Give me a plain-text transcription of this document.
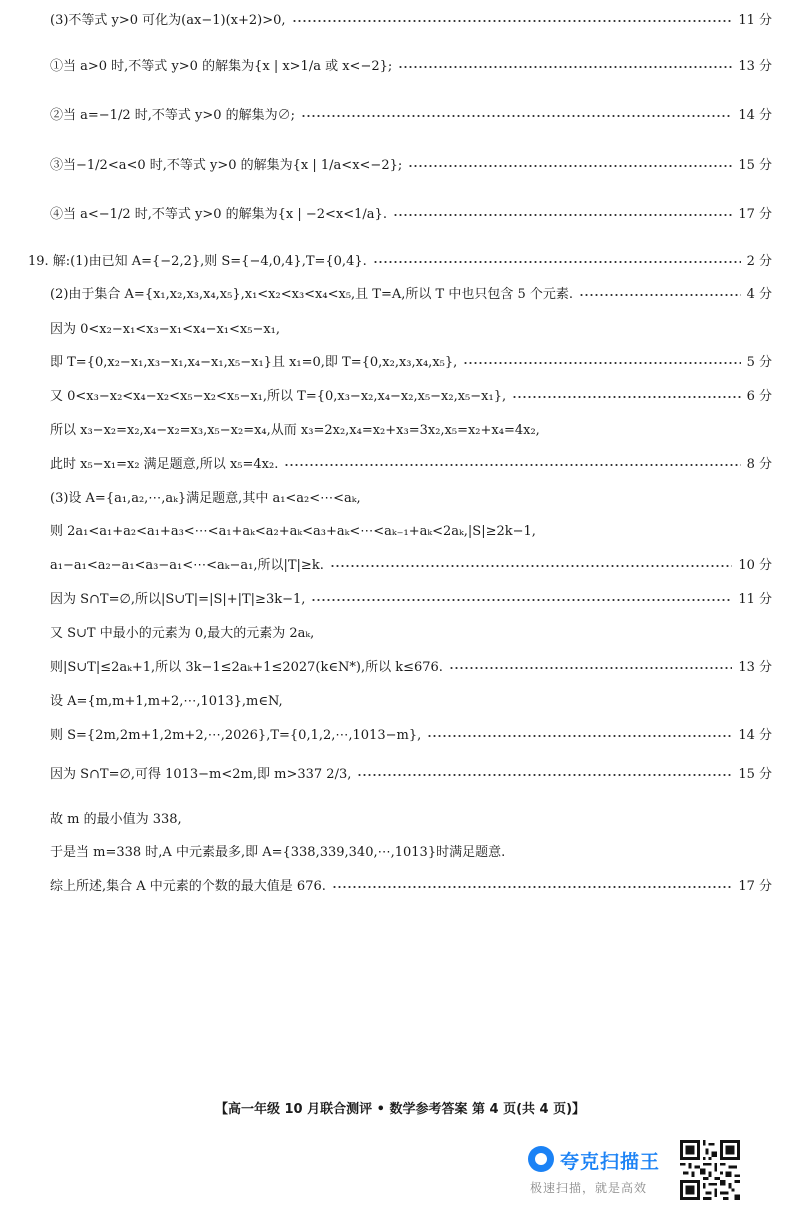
(3)不等式 y>0 可化为(ax−1)(x+2)>0,	11 分
①当 a>0 时,不等式 y>0 的解集为{x | x>1/a 或 x<−2};	13 分
②当 a=−1/2 时,不等式 y>0 的解集为∅;	14 分
③当−1/2<a<0 时,不等式 y>0 的解集为{x | 1/a<x<−2};	15 分
④当 a<−1/2 时,不等式 y>0 的解集为{x | −2<x<1/a}.	17 分
19. 解:(1)由已知 A={−2,2},则 S={−4,0,4},T={0,4}.	2 分
(2)由于集合 A={x₁,x₂,x₃,x₄,x₅},x₁<x₂<x₃<x₄<x₅,且 T=A,所以 T 中也只包含 5 个元素.	4 分
因为 0<x₂−x₁<x₃−x₁<x₄−x₁<x₅−x₁,
即 T={0,x₂−x₁,x₃−x₁,x₄−x₁,x₅−x₁}且 x₁=0,即 T={0,x₂,x₃,x₄,x₅},	5 分
又 0<x₃−x₂<x₄−x₂<x₅−x₂<x₅−x₁,所以 T={0,x₃−x₂,x₄−x₂,x₅−x₂,x₅−x₁},	6 分
所以 x₃−x₂=x₂,x₄−x₂=x₃,x₅−x₂=x₄,从而 x₃=2x₂,x₄=x₂+x₃=3x₂,x₅=x₂+x₄=4x₂,
此时 x₅−x₁=x₂ 满足题意,所以 x₅=4x₂.	8 分
(3)设 A={a₁,a₂,⋯,aₖ}满足题意,其中 a₁<a₂<⋯<aₖ,
则 2a₁<a₁+a₂<a₁+a₃<⋯<a₁+aₖ<a₂+aₖ<a₃+aₖ<⋯<aₖ₋₁+aₖ<2aₖ,|S|≥2k−1,
a₁−a₁<a₂−a₁<a₃−a₁<⋯<aₖ−a₁,所以|T|≥k.	10 分
因为 S∩T=∅,所以|S∪T|=|S|+|T|≥3k−1,	11 分
又 S∪T 中最小的元素为 0,最大的元素为 2aₖ,
则|S∪T|≤2aₖ+1,所以 3k−1≤2aₖ+1≤2027(k∈N*),所以 k≤676.	13 分
设 A={m,m+1,m+2,⋯,1013},m∈N,
则 S={2m,2m+1,2m+2,⋯,2026},T={0,1,2,⋯,1013−m},	14 分
因为 S∩T=∅,可得 1013−m<2m,即 m>337 2/3,	15 分
故 m 的最小值为 338,
于是当 m=338 时,A 中元素最多,即 A={338,339,340,⋯,1013}时满足题意.
综上所述,集合 A 中元素的个数的最大值是 676.	17 分
【高一年级 10 月联合测评 • 数学参考答案 第 4 页(共 4 页)】
夸克扫描王
极速扫描，就是高效
